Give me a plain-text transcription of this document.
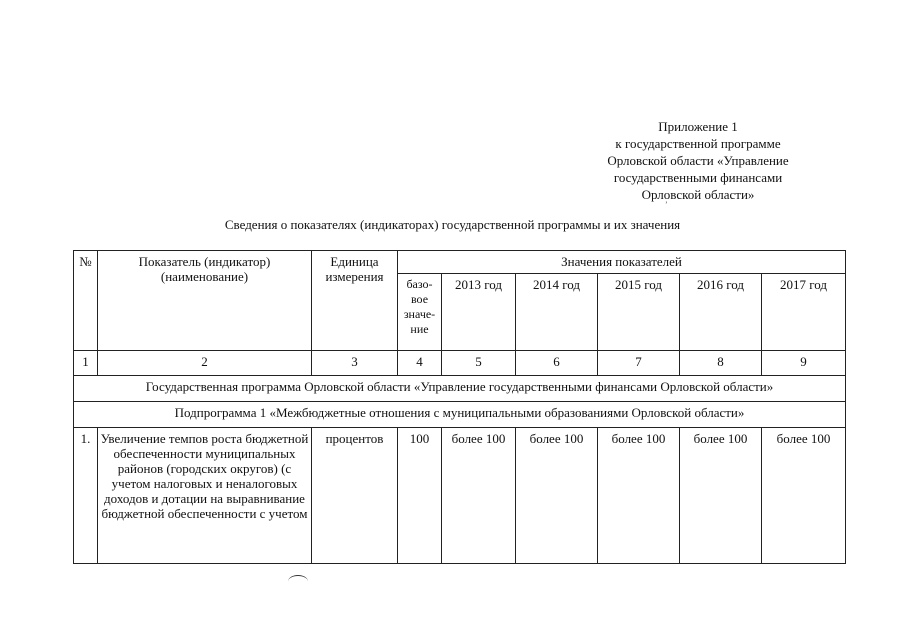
Приложение 1
к государственной программе
Орловской области «Управление
государственными финансами
Орловской области»
’
Сведения о показателях (индикаторах) государственной программы и их значения
№	Показатель (индикатор) (наименование)	Единица измерения	Значения показателей					

			базо-
вое
значе-
ние	2013 год	2014 год	2015 год	2016 год	2017 год
1	2	3	4	5	6	7	8	9
Государственная программа Орловской области «Управление государственными финансами Орловской области»								
Подпрограмма 1 «Межбюджетные отношения с муниципальными образованиями Орловской области»								
1.	Увеличение темпов роста бюджетной обеспеченности муниципальных районов (городских округов) (с учетом налоговых и неналоговых доходов и дотации на выравнивание бюджетной обеспеченности с учетом	процентов	100	более 100	более 100	более 100	более 100	более 100
